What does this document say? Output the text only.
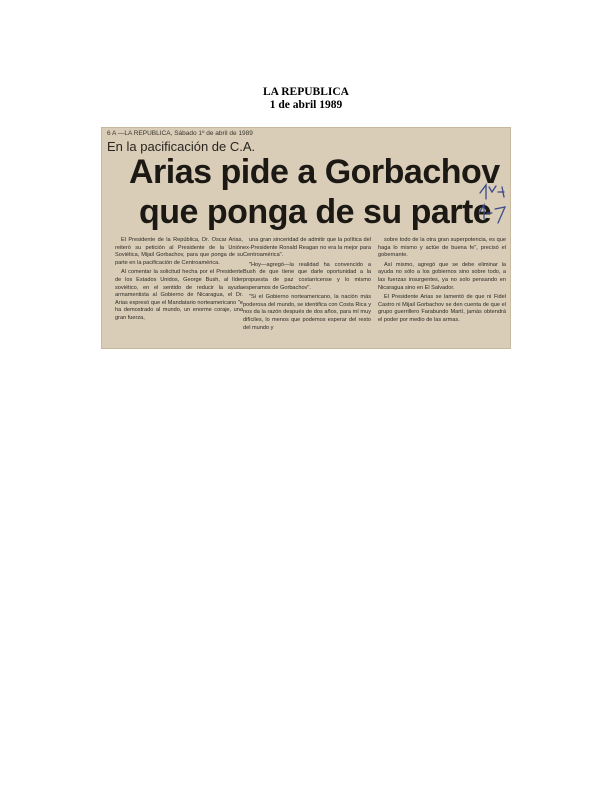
LA REPUBLICA
1 de abril 1989
6 A —LA REPUBLICA, Sábado 1º de abril de 1989
En la pacificación de C.A.
Arias pide a Gorbachov
que ponga de su parte

El Presidente de la República, Dr. Oscar Arias, reiteró su petición al Presidente de la Unión Soviética, Mijail Gorbachov, para que ponga de su parte en la pacificación de Centroamérica.

Al comentar la solicitud hecha por el Presidente de los Estados Unidos, George Bush, al líder soviético, en el sentido de reducir la ayuda armamentista al Gobierno de Nicaragua, el Dr. Arias expresó que el Mandatario norteamericano "e ha demostrado al mundo, un enorme coraje, una gran fuerza,

una gran sinceridad de admitir que la política del ex-Presidente Ronald Reagan no era la mejor para Centroamérica".

"Hoy—agregó—la realidad ha convencido a Bush de que tiene que darle oportunidad a la propuesta de paz costarricense y lo mismo esperamos de Gorbachov".

"Si el Gobierno norteamericano, la nación más poderosa del mundo, se identifica con Costa Rica y nos da la razón después de dos años, para mí muy difíciles, lo menos que podemos esperar del resto del mundo y

sobre todo de la otra gran superpotencia, es que haga lo mismo y actúe de buena fe", precisó el gobernante.

Así mismo, agregó que se debe eliminar la ayuda no sólo a los gobiernos sino sobre todo, a las fuerzas insurgentes, ya no solo pensando en Nicaragua sino en El Salvador.

El Presidente Arias se lamentó de que ni Fidel Castro ni Mijail Gorbachov se den cuenta de que el grupo guerrillero Farabundo Martí, jamás obtendrá el poder por medio de las armas.
